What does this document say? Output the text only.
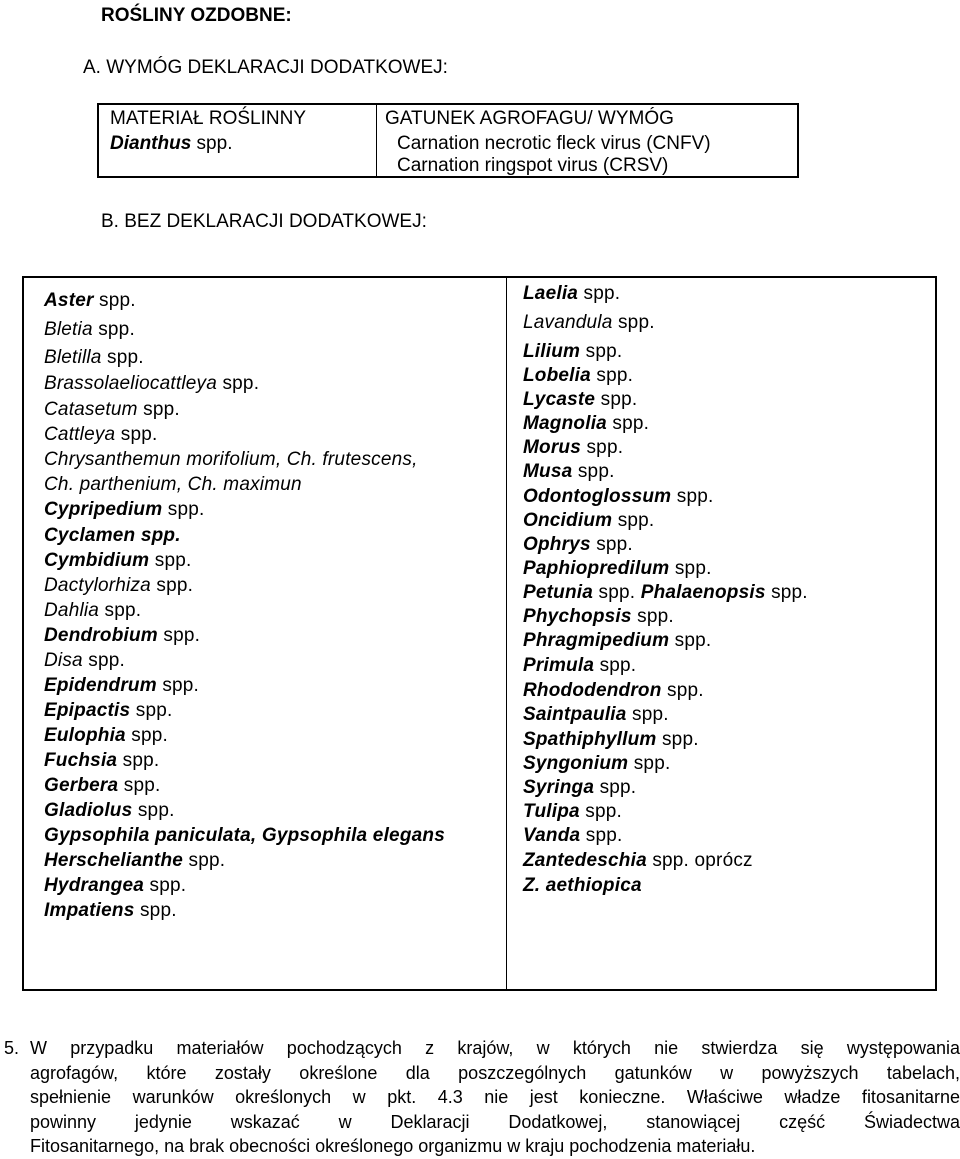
ROŚLINY OZDOBNE:
A. WYMÓG DEKLARACJI DODATKOWEJ:
MATERIAŁ ROŚLINNY	GATUNEK AGROFAGU/ WYMÓG
Dianthus spp.	Carnation necrotic fleck virus (CNFV)
Carnation ringspot virus (CRSV)
B. BEZ DEKLARACJI DODATKOWEJ:
Aster spp.
Bletia spp.
Bletilla spp.
Brassolaeliocattleya spp.
Catasetum spp.
Cattleya spp.
Chrysanthemun morifolium, Ch. frutescens,
Ch. parthenium, Ch. maximun
Cypripedium spp.
Cyclamen spp.
Cymbidium spp.
Dactylorhiza spp.
Dahlia spp.
Dendrobium spp.
Disa spp.
Epidendrum spp.
Epipactis spp.
Eulophia spp.
Fuchsia spp.
Gerbera spp.
Gladiolus spp.
Gypsophila paniculata, Gypsophila elegans
Herschelianthe spp.
Hydrangea spp.
Impatiens spp.
Laelia spp.
Lavandula spp.
Lilium spp.
Lobelia spp.
Lycaste spp.
Magnolia spp.
Morus spp.
Musa spp.
Odontoglossum spp.
Oncidium spp.
Ophrys spp.
Paphiopredilum spp.
Petunia spp. Phalaenopsis spp.
Phychopsis spp.
Phragmipedium spp.
Primula spp.
Rhododendron spp.
Saintpaulia spp.
Spathiphyllum spp.
Syngonium spp.
Syringa spp.
Tulipa spp.
Vanda spp.
Zantedeschia spp. oprócz
Z. aethiopica
5. W przypadku materiałów pochodzących z krajów, w których nie stwierdza się występowania
agrofagów, które zostały określone dla poszczególnych gatunków w powyższych tabelach,
spełnienie warunków określonych w pkt. 4.3 nie jest konieczne. Właściwe władze fitosanitarne
powinny jedynie wskazać w Deklaracji Dodatkowej, stanowiącej część Świadectwa
Fitosanitarnego, na brak obecności określonego organizmu w kraju pochodzenia materiału.
